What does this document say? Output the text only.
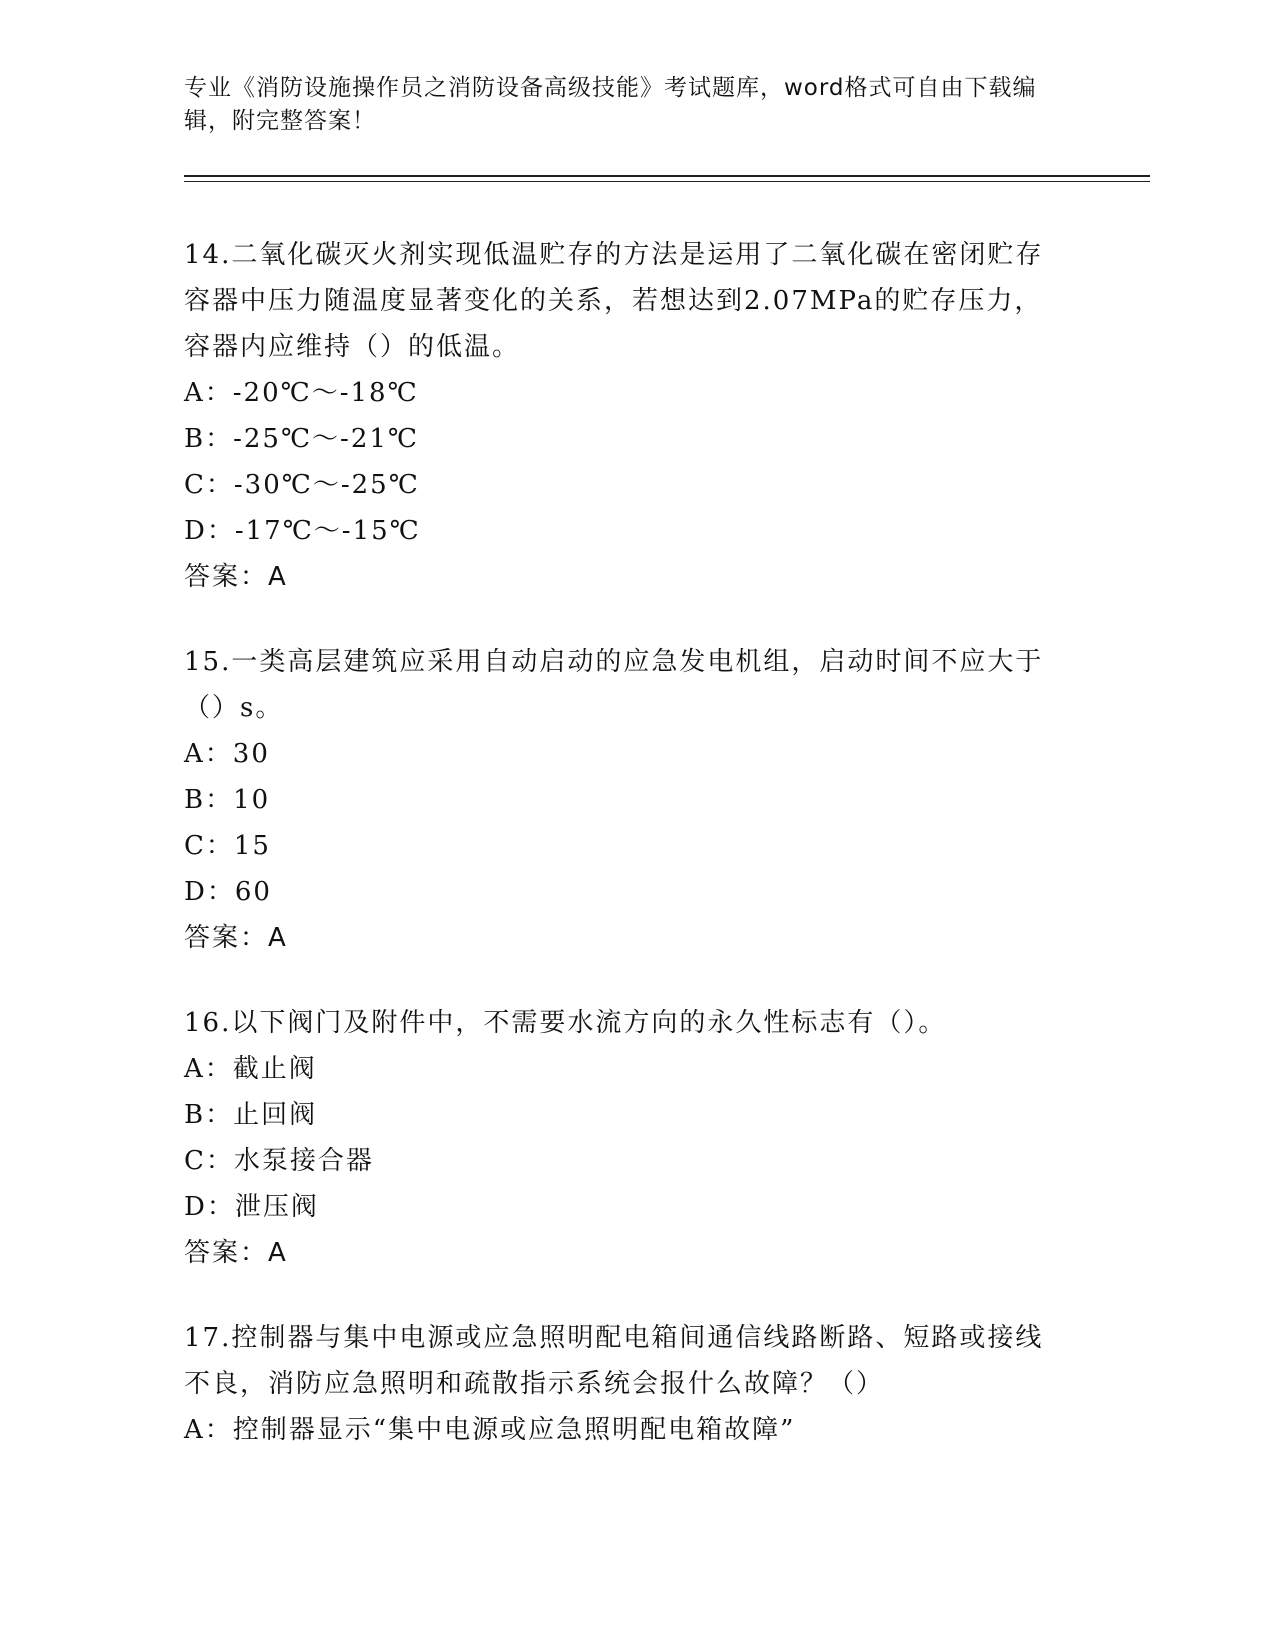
专业《消防设施操作员之消防设备高级技能》考试题库，word格式可自由下载编辑，附完整答案！
14.二氧化碳灭火剂实现低温贮存的方法是运用了二氧化碳在密闭贮存容器中压力随温度显著变化的关系，若想达到2.07MPa的贮存压力，容器内应维持（）的低温。
A：-20℃～-18℃
B：-25℃～-21℃
C：-30℃～-25℃
D：-17℃～-15℃
答案：A
15.一类高层建筑应采用自动启动的应急发电机组，启动时间不应大于（）s。
A：30
B：10
C：15
D：60
答案：A
16.以下阀门及附件中，不需要水流方向的永久性标志有（）。
A：截止阀
B：止回阀
C：水泵接合器
D：泄压阀
答案：A
17.控制器与集中电源或应急照明配电箱间通信线路断路、短路或接线不良，消防应急照明和疏散指示系统会报什么故障？（）
A：控制器显示“集中电源或应急照明配电箱故障”
